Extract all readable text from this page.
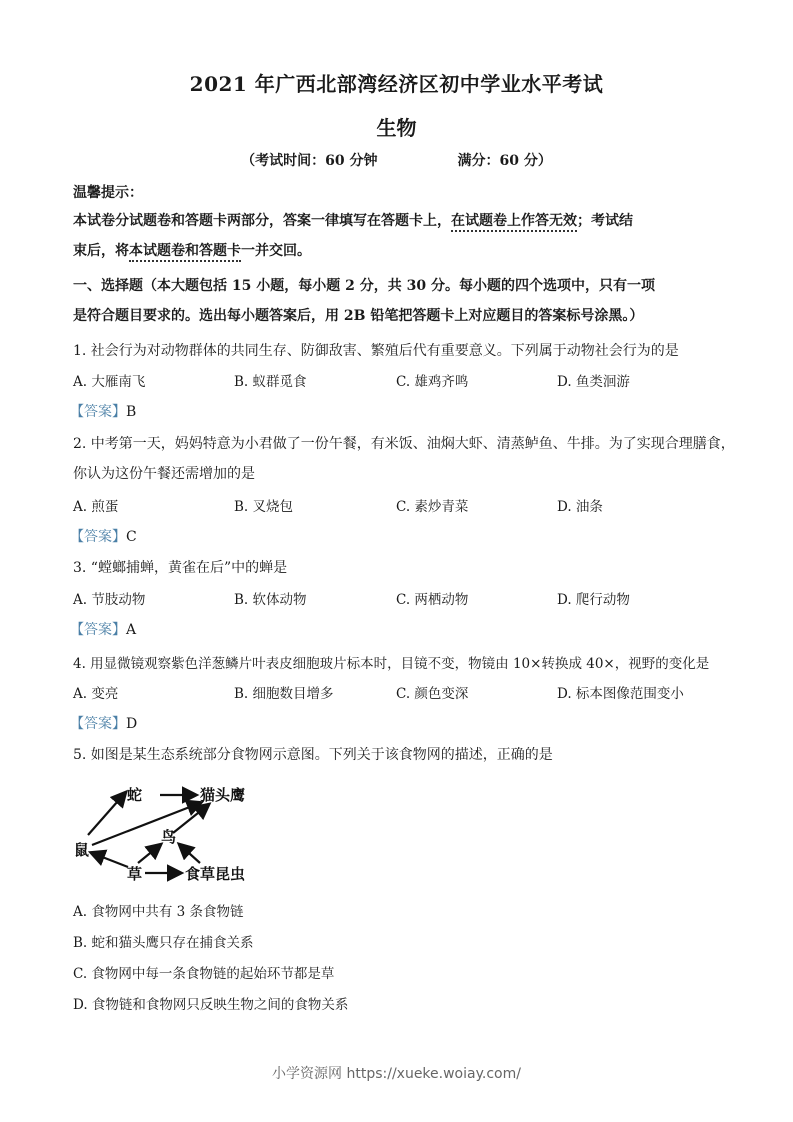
2021 年广西北部湾经济区初中学业水平考试
生物
（考试时间：60 分钟	满分：60 分）
温馨提示：
本试卷分试题卷和答题卡两部分，答案一律填写在答题卡上，在试题卷上作答无效；考试结
束后，将本试题卷和答题卡一并交回。
一、选择题（本大题包括 15 小题，每小题 2 分，共 30 分。每小题的四个选项中，只有一项
是符合题目要求的。选出每小题答案后，用 2B 铅笔把答题卡上对应题目的答案标号涂黑。）
1. 社会行为对动物群体的共同生存、防御敌害、繁殖后代有重要意义。下列属于动物社会行为的是
A. 大雁南飞	B. 蚁群觅食	C. 雄鸡齐鸣	D. 鱼类洄游
【答案】B
2. 中考第一天，妈妈特意为小君做了一份午餐，有米饭、油焖大虾、清蒸鲈鱼、牛排。为了实现合理膳食，
你认为这份午餐还需增加的是
A. 煎蛋	B. 叉烧包	C. 素炒青菜	D. 油条
【答案】C
3. “螳螂捕蝉，黄雀在后”中的蝉是
A. 节肢动物	B. 软体动物	C. 两栖动物	D. 爬行动物
【答案】A
4. 用显微镜观察紫色洋葱鳞片叶表皮细胞玻片标本时，目镜不变，物镜由 10×转换成 40×，视野的变化是
A. 变亮	B. 细胞数目增多	C. 颜色变深	D. 标本图像范围变小
【答案】D
5. 如图是某生态系统部分食物网示意图。下列关于该食物网的描述，正确的是
蛇	猫头鹰
鸟
鼠
草	食草昆虫
A. 食物网中共有 3 条食物链
B. 蛇和猫头鹰只存在捕食关系
C. 食物网中每一条食物链的起始环节都是草
D. 食物链和食物网只反映生物之间的食物关系
小学资源网 https://xueke.woiay.com/
